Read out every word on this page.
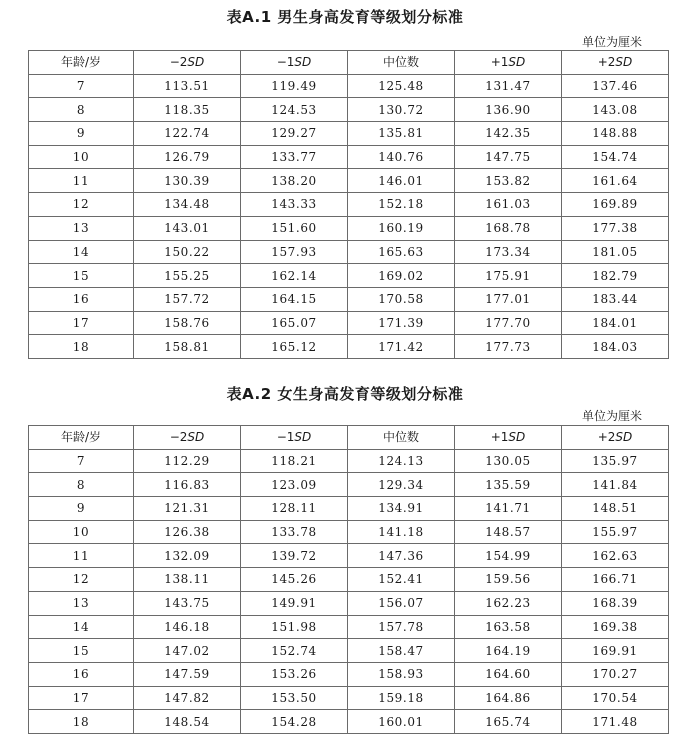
表A.1 男生身高发育等级划分标准
单位为厘米
年龄/岁	−2SD	−1SD	中位数	+1SD	+2SD
7	113.51	119.49	125.48	131.47	137.46
8	118.35	124.53	130.72	136.90	143.08
9	122.74	129.27	135.81	142.35	148.88
10	126.79	133.77	140.76	147.75	154.74
11	130.39	138.20	146.01	153.82	161.64
12	134.48	143.33	152.18	161.03	169.89
13	143.01	151.60	160.19	168.78	177.38
14	150.22	157.93	165.63	173.34	181.05
15	155.25	162.14	169.02	175.91	182.79
16	157.72	164.15	170.58	177.01	183.44
17	158.76	165.07	171.39	177.70	184.01
18	158.81	165.12	171.42	177.73	184.03
表A.2 女生身高发育等级划分标准
单位为厘米
年龄/岁	−2SD	−1SD	中位数	+1SD	+2SD
7	112.29	118.21	124.13	130.05	135.97
8	116.83	123.09	129.34	135.59	141.84
9	121.31	128.11	134.91	141.71	148.51
10	126.38	133.78	141.18	148.57	155.97
11	132.09	139.72	147.36	154.99	162.63
12	138.11	145.26	152.41	159.56	166.71
13	143.75	149.91	156.07	162.23	168.39
14	146.18	151.98	157.78	163.58	169.38
15	147.02	152.74	158.47	164.19	169.91
16	147.59	153.26	158.93	164.60	170.27
17	147.82	153.50	159.18	164.86	170.54
18	148.54	154.28	160.01	165.74	171.48
